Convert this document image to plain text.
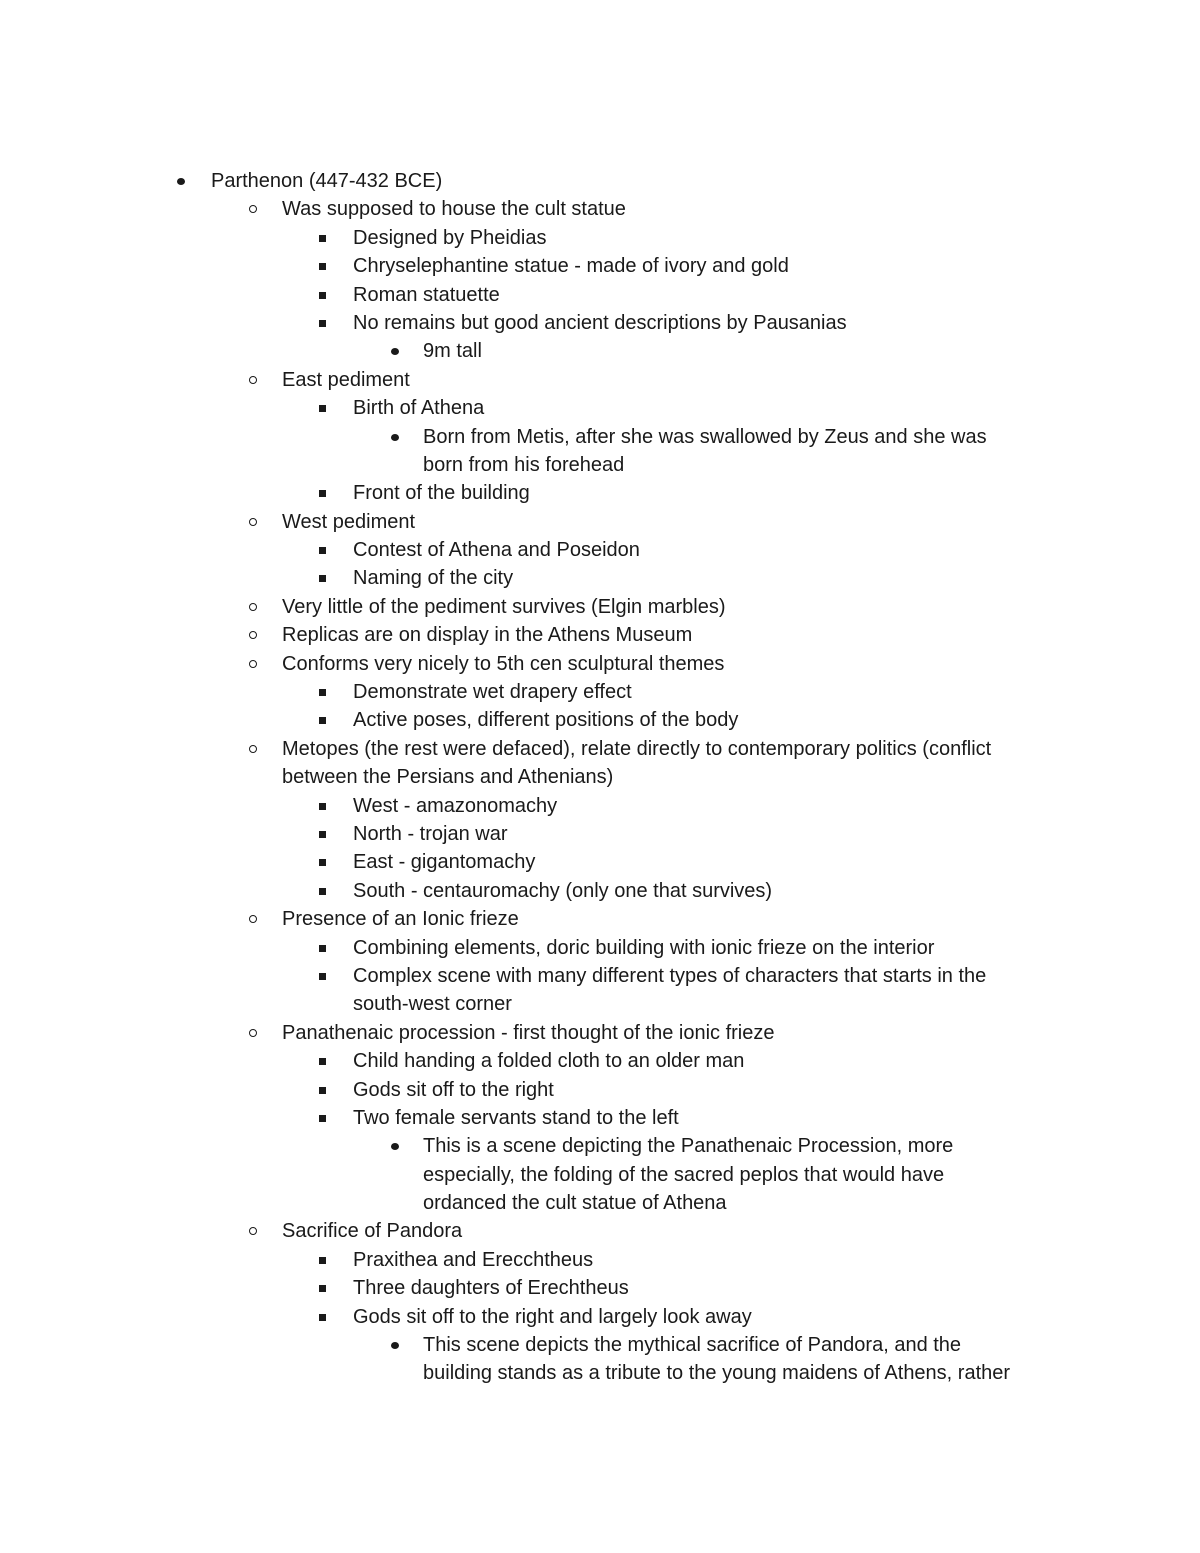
Parthenon (447-432 BCE)
Was supposed to house the cult statue
Designed by Pheidias
Chryselephantine statue - made of ivory and gold
Roman statuette
No remains but good ancient descriptions by Pausanias
9m tall
East pediment
Birth of Athena
Born from Metis, after she was swallowed by Zeus and she was
born from his forehead
Front of the building
West pediment
Contest of Athena and Poseidon
Naming of the city
Very little of the pediment survives (Elgin marbles)
Replicas are on display in the Athens Museum
Conforms very nicely to 5th cen sculptural themes
Demonstrate wet drapery effect
Active poses, different positions of the body
Metopes (the rest were defaced), relate directly to contemporary politics (conflict
between the Persians and Athenians)
West - amazonomachy
North - trojan war
East - gigantomachy
South - centauromachy (only one that survives)
Presence of an Ionic frieze
Combining elements, doric building with ionic frieze on the interior
Complex scene with many different types of characters that starts in the
south-west corner
Panathenaic procession - first thought of the ionic frieze
Child handing a folded cloth to an older man
Gods sit off to the right
Two female servants stand to the left
This is a scene depicting the Panathenaic Procession, more
especially, the folding of the sacred peplos that would have
ordanced the cult statue of Athena
Sacrifice of Pandora
Praxithea and Erecchtheus
Three daughters of Erechtheus
Gods sit off to the right and largely look away
This scene depicts the mythical sacrifice of Pandora, and the
building stands as a tribute to the young maidens of Athens, rather
